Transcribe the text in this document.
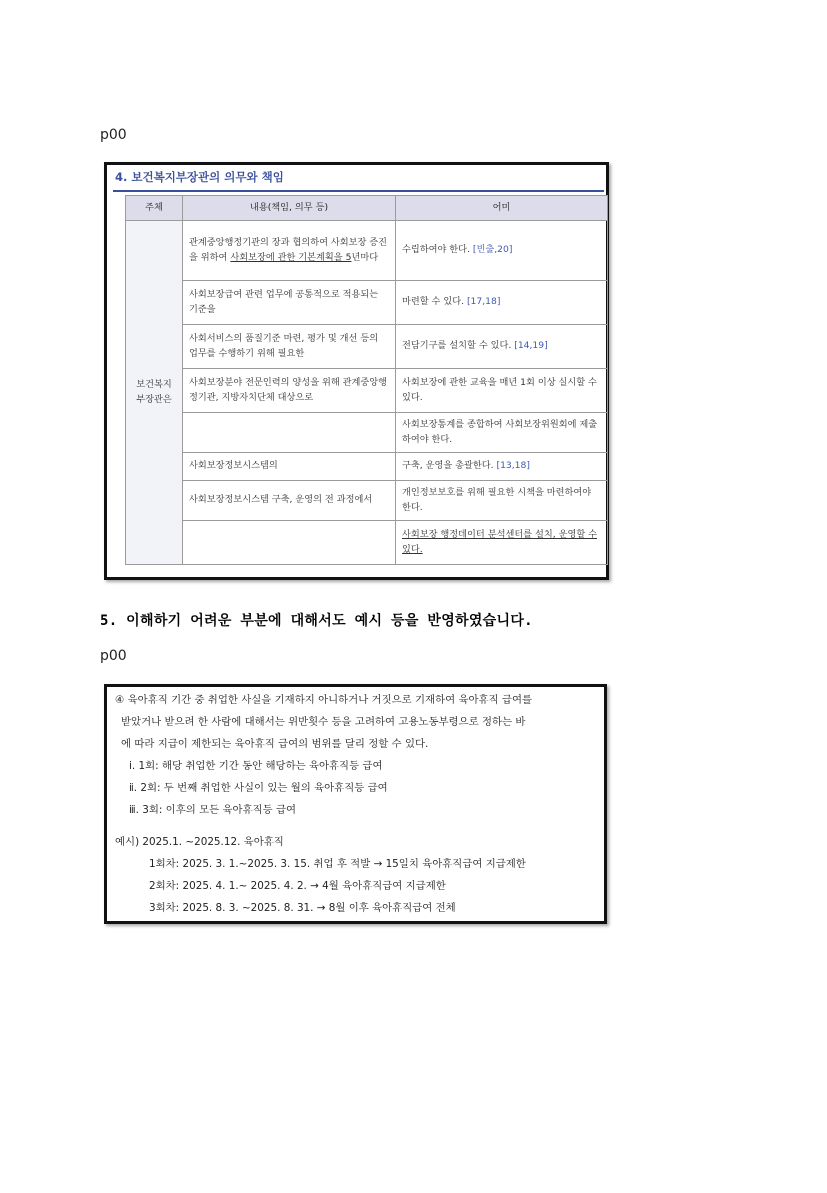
p00
4. 보건복지부장관의 의무와 책임
주체	내용(책임, 의무 등)	어미
보건복지
부장관은	관계중앙행정기관의 장과 협의하여 사회보장 증진을 위하여 사회보장에 관한 기본계획을 5년마다	수립하여야 한다. [빈출,20]
	사회보장급여 관련 업무에 공통적으로 적용되는 기준을	마련할 수 있다. [17,18]
	사회서비스의 품질기준 마련, 평가 및 개선 등의 업무를 수행하기 위해 필요한	전담기구를 설치할 수 있다. [14,19]
	사회보장분야 전문인력의 양성을 위해 관계중앙행정기관, 지방자치단체 대상으로	사회보장에 관한 교육을 매년 1회 이상 실시할 수 있다.
		사회보장통계를 종합하여 사회보장위원회에 제출하여야 한다.
	사회보장정보시스템의	구축, 운영을 총괄한다. [13,18]
	사회보장정보시스템 구축, 운영의 전 과정에서	개인정보보호를 위해 필요한 시책을 마련하여야 한다.
		사회보장 행정데이터 분석센터를 설치, 운영할 수 있다.
5. 이해하기 어려운 부분에 대해서도 예시 등을 반영하였습니다.
p00
④ 육아휴직 기간 중 취업한 사실을 기재하지 아니하거나 거짓으로 기재하여 육아휴직 급여를
받았거나 받으려 한 사람에 대해서는 위반횟수 등을 고려하여 고용노동부령으로 정하는 바
에 따라 지급이 제한되는 육아휴직 급여의 범위를 달리 정할 수 있다.
ⅰ. 1회: 해당 취업한 기간 동안 해당하는 육아휴직등 급여
ⅱ. 2회: 두 번째 취업한 사실이 있는 월의 육아휴직등 급여
ⅲ. 3회: 이후의 모든 육아휴직등 급여
예시) 2025.1. ~2025.12. 육아휴직
1회차: 2025. 3. 1.~2025. 3. 15. 취업 후 적발 → 15일치 육아휴직급여 지급제한
2회차: 2025. 4. 1.~ 2025. 4. 2. → 4월 육아휴직급여 지급제한
3회차: 2025. 8. 3. ~2025. 8. 31. → 8월 이후 육아휴직급여 전체
